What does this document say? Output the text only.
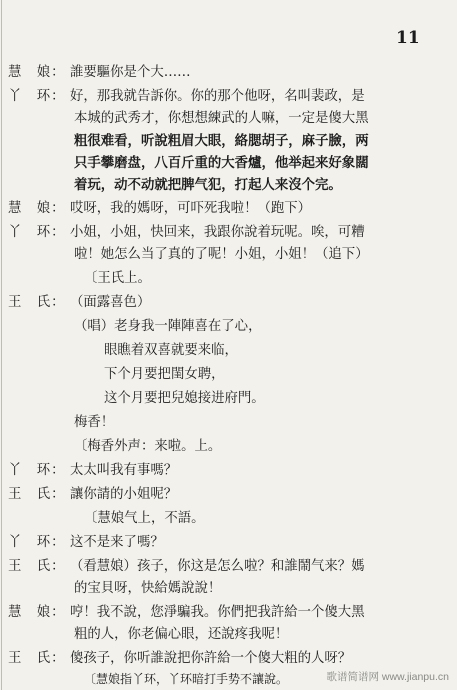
11
慧　娘： 誰要驅你是个大……
丫　环： 好，那我就告訴你。你的那个他呀，名叫裴政，是
本城的武秀才，你想想練武的人嘛，一定是傻大黑
粗很难看，听說粗眉大眼，絡腮胡子，麻子臉，两
只手攀磨盘，八百斤重的大香爐，他举起来好象闊
着玩，动不动就把脾气犯，打起人来沒个完。
慧　娘： 哎呀，我的媽呀，可吓死我啦！（跑下）
丫　环： 小姐，小姐，快回来，我跟你說着玩呢。唉，可糟
啦！她怎么当了真的了呢！小姐，小姐！（追下）
〔王氏上。
王　氏： （面露喜色）
（唱）老身我一陣陣喜在了心，
眼瞧着双喜就要来临，
下个月要把閨女聘，
这个月要把兒媳接进府門。
梅香！
〔梅香外声：来啦。上。
丫　环： 太太叫我有事嗎？
王　氏： 讓你請的小姐呢？
〔慧娘气上，不語。
丫　环： 这不是来了嗎？
王　氏： （看慧娘）孩子，你这是怎么啦？和誰鬧气来？媽
的宝貝呀，快給媽說說！
慧　娘： 哼！我不說，您淨騙我。你們把我許給一个傻大黑
粗的人，你老偏心眼，还說疼我呢！
王　氏： 傻孩子，你听誰說把你許給一个傻大粗的人呀？
〔慧娘指丫环，丫环暗打手势不讓說。	歌谱简谱网 www.jianpu.cn
